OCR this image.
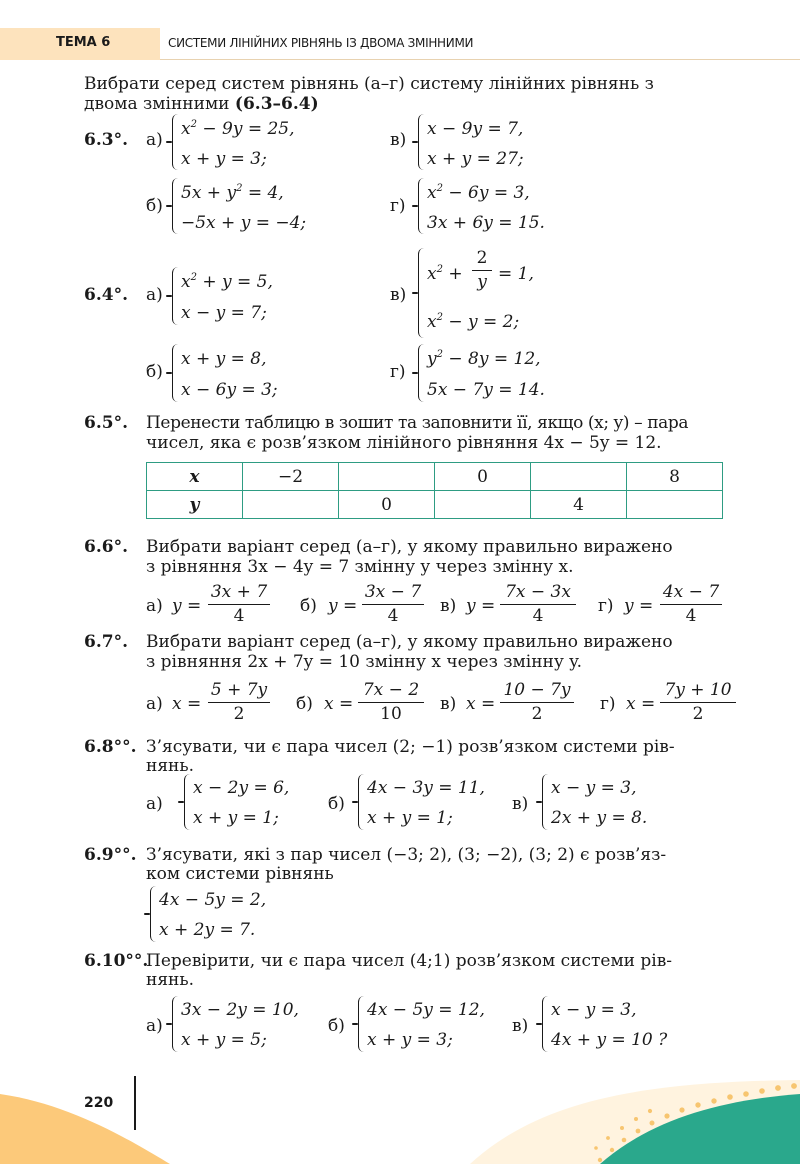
ТЕМА 6	СИСТЕМИ ЛІНІЙНИХ РІВНЯНЬ ІЗ ДВОМА ЗМІННИМИ
Вибрати серед систем рівнянь (а–г) систему лінійних рівнянь з
двома змінними (6.3–6.4)
6.3°. а)
$x^2 - 9y = 25$,
x + y = 3;
в)
x − 9y = 7,
x + y = 27;
б)
$5x + y^2 = 4$,
−5x + y = −4;
г)
$x^2 - 6y = 3$,
3x + 6y = 15.
6.4°. а)
$x^2 + y = 5$,
x − y = 7;
в)
$x^2 + \frac{2}{y} = 1$,
$x^2 - y = 2$;
б)
x + y = 8,
x − 6y = 3;
г)
$y^2 - 8y = 12$,
5x − 7y = 14.
6.5°. Перенести таблицю в зошит та заповнити її, якщо (x; y) – пара
чисел, яка є розв’язком лінійного рівняння 4x − 5y = 12.
x	−2		0		8
y		0		4	
6.6°. Вибрати варіант серед (а–г), у якому правильно виражено
з рівняння 3x − 4y = 7 змінну y через змінну x.
а) $y = \frac{3x + 7}{4} б$) $y = \frac{3x - 7}{4} в$) $y = \frac{7x - 3x}{4} г$) $y = \frac{4x - 7}{4}$
6.7°. Вибрати варіант серед (а–г), у якому правильно виражено
з рівняння 2x + 7y = 10 змінну x через змінну y.
а) $x = \frac{5 + 7y}{2} б$) $x = \frac{7x - 2}{10} в$) $x = \frac{10 - 7y}{2} г$) $x = \frac{7y + 10}{2}$
6.8°°. З’ясувати, чи є пара чисел (2; −1) розв’язком системи рів-
нянь.
а)
x − 2y = 6,
x + y = 1;
б)
4x − 3y = 11,
x + y = 1;
в)
x − y = 3,
2x + y = 8.
6.9°°. З’ясувати, які з пар чисел (−3; 2), (3; −2), (3; 2) є розв’яз-
ком системи рівнянь
4x − 5y = 2,
x + 2y = 7.
6.10°°.
Перевірити, чи є пара чисел (4;1) розв’язком системи рів-
нянь.
а)
3x − 2y = 10,
x + y = 5;
б)
4x − 5y = 12,
x + y = 3;
в)
x − y = 3,
4x + y = 10 ?
220
